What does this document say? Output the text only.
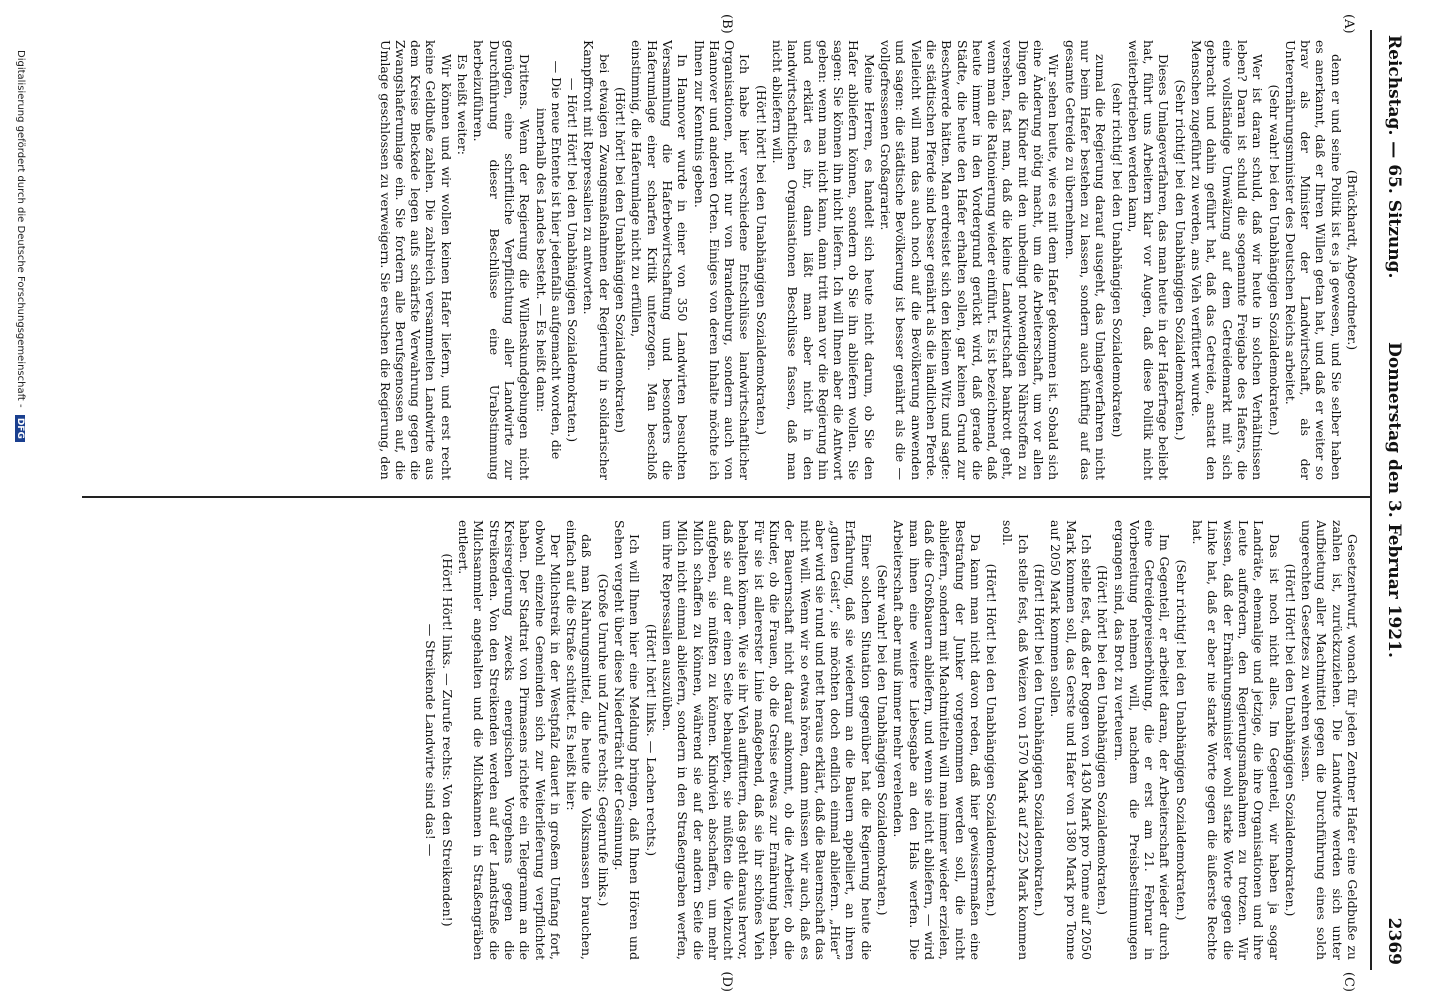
Reichstag. — 65. Sitzung.
Donnerstag den 3. Februar 1921.
2369

(Brückhardt, Abgeordneter.)

denn er und seine Politik ist es ja gewesen, und Sie selber haben es anerkannt, daß er Ihren Willen getan hat, und daß er weiter so brav als der Minister der Landwirtschaft, als der Unterernährungsminister des Deutschen Reichs arbeitet.

(Sehr wahr! bei den Unabhängigen Sozialdemokraten.)

Wer ist daran schuld, daß wir heute in solchen Verhältnissen leben? Daran ist schuld die sogenannte Freigabe des Hafers, die eine vollständige Umwälzung auf dem Getreidemarkt mit sich gebracht und dahin geführt hat, daß das Getreide, anstatt den Menschen zugeführt zu werden, ans Vieh verfüttert wurde.

(Sehr richtig! bei den Unabhängigen Sozialdemokraten.)

Dieses Umlageverfahren, das man heute in der Haferfrage beliebt hat, führt uns Arbeitern klar vor Augen, daß diese Politik nicht weiterbetrieben werden kann,

(sehr richtig! bei den Unabhängigen Sozialdemokraten)

zumal die Regierung darauf ausgeht, das Umlageverfahren nicht nur beim Hafer bestehen zu lassen, sondern auch künftig auf das gesamte Getreide zu übernehmen.

Wir sehen heute, wie es mit dem Hafer gekommen ist. Sobald sich eine Änderung nötig macht, um die Arbeiterschaft, um vor allen Dingen die Kinder mit den unbedingt notwendigen Nährstoffen zu versehen, fast man, daß die kleine Landwirtschaft bankrott geht, wenn man die Rationierung wieder einführt. Es ist bezeichnend, daß heute immer in den Vordergrund gerückt wird, daß gerade die Städte, die heute den Hafer erhalten sollen, gar keinen Grund zur Beschwerde hätten. Man erdreistet sich den kleinen Witz und sagte: die städtischen Pferde sind besser genährt als die ländlichen Pferde. Vielleicht will man das auch noch auf die Bevölkerung anwenden und sagen: die städtische Bevölkerung ist besser genährt als die — vollgefressenen Großagrarier.

Meine Herren, es handelt sich heute nicht darum, ob Sie den Hafer abliefern können, sondern ob Sie ihn abliefern wollen. Sie sagen: Sie können ihn nicht liefern. Ich will Ihnen aber die Antwort geben: wenn man nicht kann, dann tritt man vor die Regierung hin und erklärt es ihr, dann läßt man aber nicht in den landwirtschaftlichen Organisationen Beschlüsse fassen, daß man nicht abliefern will.

(Hört! hört! bei den Unabhängigen Sozialdemokraten.)

Ich habe hier verschiedene Entschlüsse landwirtschaftlicher Organisationen, nicht nur von Brandenburg, sondern auch von Hannover und anderen Orten. Einiges von deren Inhalte möchte ich Ihnen zur Kenntnis geben.

In Hannover wurde in einer von 350 Landwirten besuchten Versammlung die Haferbewirtschaftung und besonders die Haferumlage einer scharfen Kritik unterzogen. Man beschloß einstimmig, die Haferumlage nicht zu erfüllen,

(Hört! hört! bei den Unabhängigen Sozialdemokraten)

bei etwaigen Zwangsmaßnahmen der Regierung in solidarischer Kampffront mit Repressalien zu antworten.

— Hört! Hört! bei den Unabhängigen Sozialdemokraten.)

— Die neue Entente ist hier jedenfalls aufgemacht worden, die innerhalb des Landes besteht. — Es heißt dann:

Drittens. Wenn der Regierung die Willenskundgebungen nicht genügen, eine schriftliche Verpflichtung aller Landwirte zur Durchführung dieser Beschlüsse eine Urabstimmung herbeizuführen.

Es heißt weiter:

Wir können und wir wollen keinen Hafer liefern, und erst recht keine Geldbuße zahlen. Die zahlreich versammelten Landwirte aus dem Kreise Bleckede legen aufs schärfste Verwahrung gegen die Zwangshaferumlage ein. Sie fordern alle Berufsgenossen auf, die Umlage geschlossen zu verweigern. Sie ersuchen die Regierung, den

Gesetzentwurf, wonach für jeden Zentner Hafer eine Geldbuße zu zahlen ist, zurückzuziehen. Die Landwirte werden sich unter Aufbietung aller Machtmittel gegen die Durchführung eines solch ungerechten Gesetzes zu wehren wissen.

(Hört! Hört! bei den Unabhängigen Sozialdemokraten.)

Das ist noch nicht alles. Im Gegenteil, wir haben ja sogar Landräte, ehemalige und jetzige, die ihre Organisationen und ihre Leute auffordern, den Regierungsmaßnahmen zu trotzen. Wir wissen, daß der Ernährungsminister wohl starke Worte gegen die Linke hat, daß er aber nie starke Worte gegen die äußerste Rechte hat.

(Sehr richtig! bei den Unabhängigen Sozialdemokraten.)

Im Gegenteil, er arbeitet daran, der Arbeiterschaft wieder durch eine Getreidepreiserhöhung, die er erst am 21. Februar in Vorbereitung nehmen will, nachdem die Preisbestimmungen ergangen sind, das Brot zu verteuern.

(Hört! hört! bei den Unabhängigen Sozialdemokraten.)

Ich stelle fest, daß der Roggen von 1430 Mark pro Tonne auf 2050 Mark kommen soll, das Gerste und Hafer von 1380 Mark pro Tonne auf 2050 Mark kommen sollen.

(Hört! Hört! bei den Unabhängigen Sozialdemokraten.)

Ich stelle fest, daß Weizen von 1570 Mark auf 2225 Mark kommen soll.

(Hört! Hört! bei den Unabhängigen Sozialdemokraten.)

Da kann man nicht davon reden, daß hier gewissermaßen eine Bestrafung der Junker vorgenommen werden soll, die nicht abliefern, sondern mit Machtmitteln will man immer wieder erzielen, daß die Großbauern abliefern, und wenn sie nicht abliefern, — wird man ihnen eine weitere Liebesgabe an den Hals werfen. Die Arbeiterschaft aber muß immer mehr verelenden.

(Sehr wahr! bei den Unabhängigen Sozialdemokraten.)

Einer solchen Situation gegenüber hat die Regierung heute die Erfahrung, daß sie wiederum an die Bauern appelliert, an ihren „guten Geist“, sie möchten doch endlich einmal abliefern. „Hier“ aber wird sie rund und nett heraus erklärt, daß die Bauernschaft das nicht will. Wenn wir so etwas hören, dann müssen wir auch, daß es der Bauernschaft nicht darauf ankommt, ob die Arbeiter, ob die Kinder, ob die Frauen, ob die Greise etwas zur Ernährung haben. Für sie ist allererster Linie maßgebend, daß sie ihr schönes Vieh behalten können. Wie sie ihr Vieh auffüttern, das geht daraus hervor, daß sie auf der einen Seite behaupten, sie müßten die Viehzucht aufgeben, sie müßten zu können. Kindvieh abschaffen, um mehr Milch schaffen zu können, während sie auf der andern Seite die Milch nicht einmal abliefern, sondern in den Straßengraben werfen, um ihre Repressalien auszuüben.

(Hört! hört! links. — Lachen rechts.)

Ich will Ihnen hier eine Meldung bringen, daß Ihnen Hören und Sehen vergeht über diese Niederträcht der Gesinnung.

(Große Unruhe und Zurufe rechts; Gegenrufe links.)

daß man Nahrungsmittel, die heute die Volksmassen brauchen, einfach auf die Straße schüttet. Es heißt hier:

Der Milchstreik in der Westpfalz dauert in großem Umfang fort, obwohl einzelne Gemeinden sich zur Weiterlieferung verpflichtet haben. Der Stadtrat von Pirmasens richtete ein Telegramm an die Kreisregierung zwecks energischen Vorgehens gegen die Streikenden. Von den Streikenden werden auf der Landstraße die Milchsammler angehalten und die Milchkannen in Straßengräben entleert.

(Hört! Hört! links. — Zurufe rechts: Von den Streikenden!)

— Streikende Landwirte sind das! —

(A)
(B)
(C)
(D)
Digitalisierung gefördert durch die Deutsche Forschungsgemeinschaft - DFG
